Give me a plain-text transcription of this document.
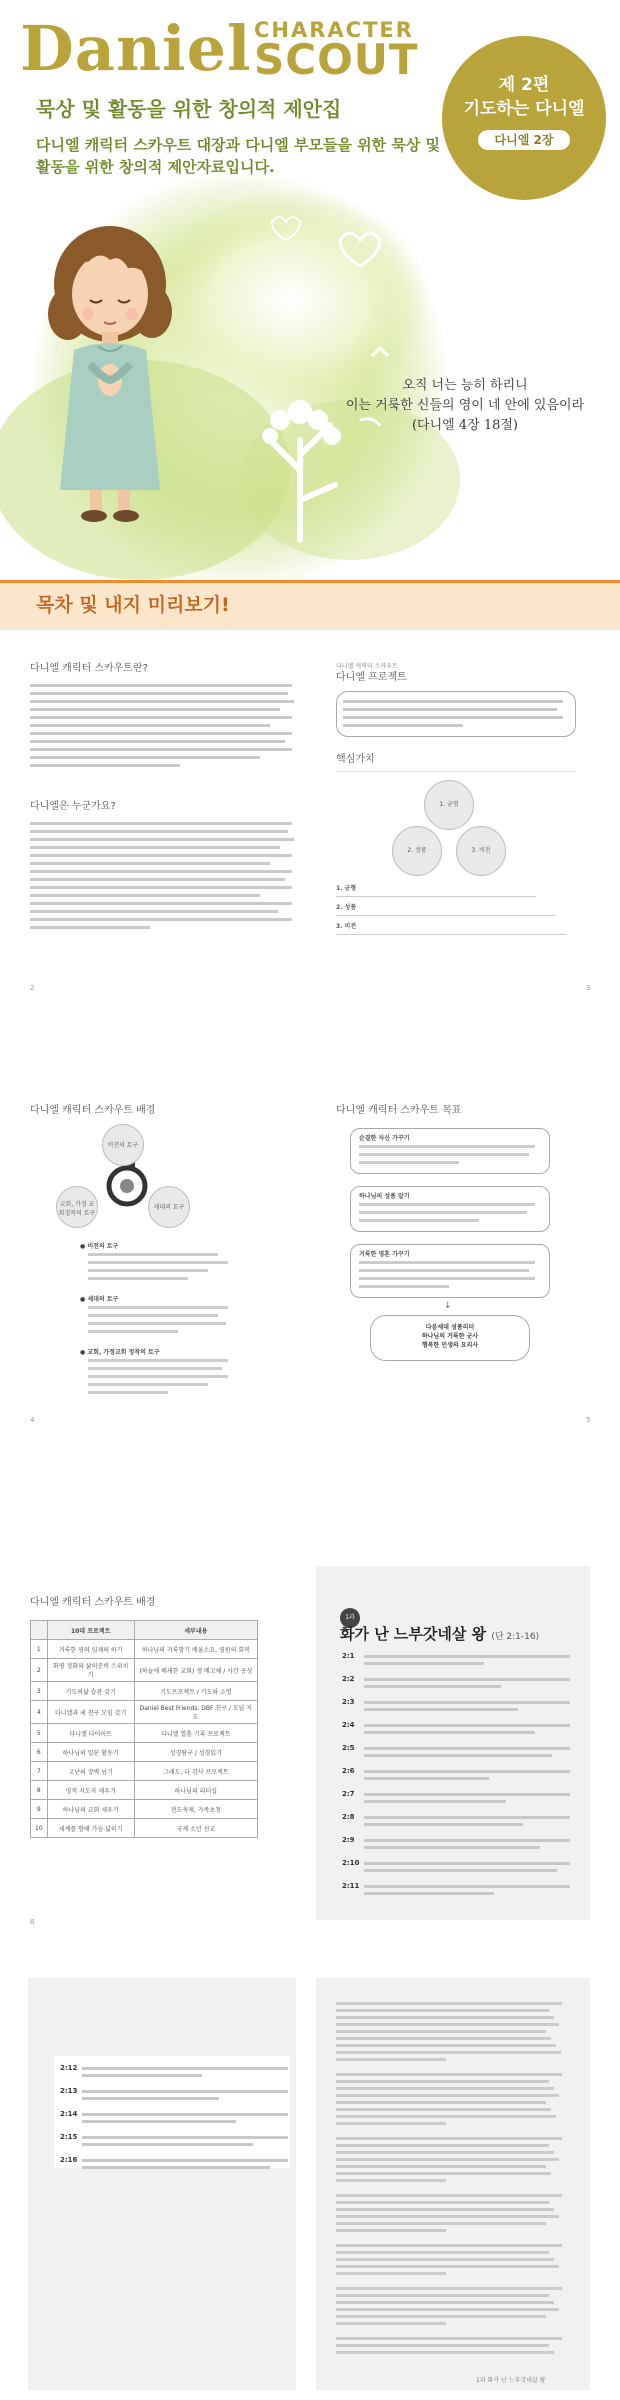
Daniel CHARACTER
SCOUT
묵상 및 활동을 위한 창의적 제안집
다니엘 캐릭터 스카우트 대장과 다니엘 부모들을 위한 묵상 및 활동을 위한 창의적 제안자료입니다.
제 2편
기도하는 다니엘
다니엘 2장
오직 너는 능히 하리니
이는 거룩한 신들의 영이 네 안에 있음이라
(다니엘 4장 18절)
목차 및 내지 미리보기!
다니엘 캐릭터 스카우트란?
다니엘은 누군가요?
2
다니엘 캐릭터 스카우트
다니엘 프로젝트
핵심가치
1. 균형
2. 성품	3. 비전
1. 균형
2. 성품
3. 비전
3
다니엘 캐릭터 스카우트 배경
비전의 토구
교회, 가정 교회정착의 토구
세대의 토구
● 비전의 토구
● 세대의 토구
● 교회, 가정교회 정착의 토구
4
다니엘 캐릭터 스카우트 목표
순결한 자신 가꾸기
하나님의 성품 알기
거룩한 영혼 가꾸기
↓
다음세대 성품리더
하나님의 거룩한 군사
행복한 민생의 요리사
5
다니엘 캐릭터 스카우트 배경
	10대 프로젝트	세부내용
1	거룩한 영의 임재의 하기	하나님의 거룩함기 배울소요, 영원의 회복
2	화평 정화와 삶의준비 스위치기	(하늘에 배세한 교회) 생 베고체 / 사간 공성
3	기도의삶 습관 갖기	기도프로젝트 / 기도와 소명
4	다니엘과 세 친구 모임 갖기	Daniel Best Friends, DBF 친구 / 모임 지도
5	다니엘 다이어트	다니엘 열흘 기록 프로젝트
6	하나님의 일꾼 활동기	성경탐구 / 성경읽기
7	고난의 장벽 넘기	그래도, 다 감사 프로젝트
8	영적 지도자 세우기	하나님의 리더십
9	하나님의 교회 세우기	전도축제, 가족초청
10	세계를 향해 가슴 넓히기	국제 소년 선교
6
1과
화가 난 느부갓네살 왕 (단 2:1-16)
2:1
2:2
2:3
2:4
2:5
2:6
2:7
2:8
2:9
2:10
2:11
2:12
2:13
2:14
2:15
2:16
1과 화가 난 느부갓네살 왕
